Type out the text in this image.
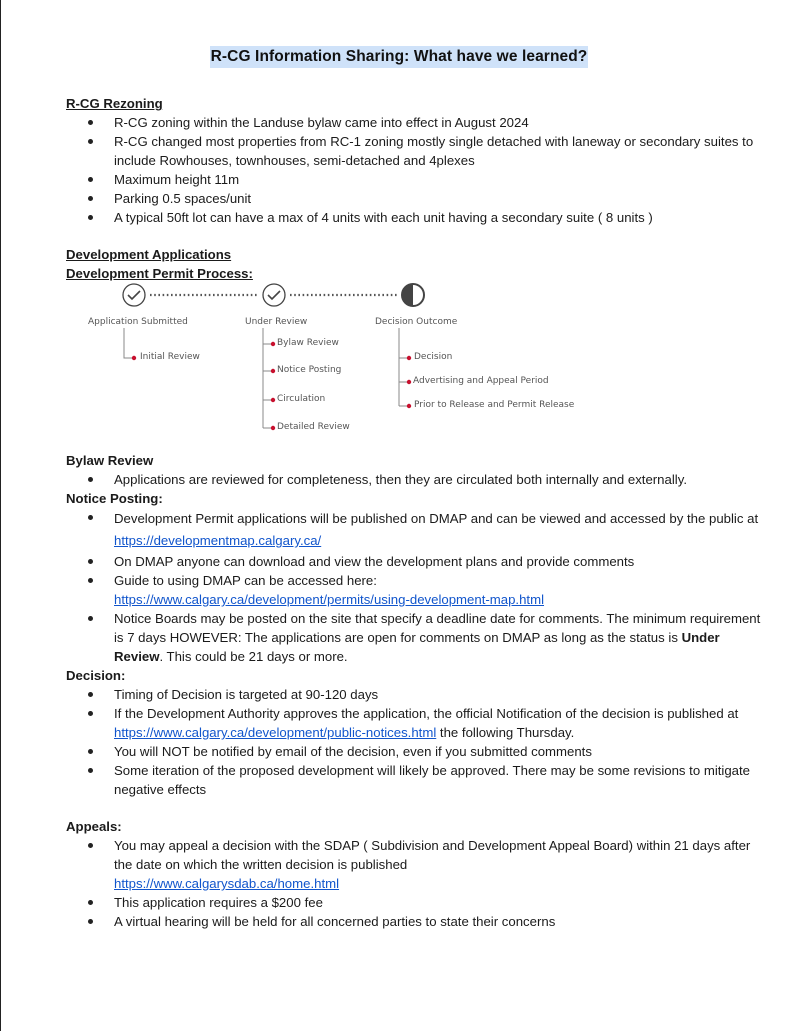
R-CG Information Sharing: What have we learned?

R-CG Rezoning

R-CG zoning within the Landuse bylaw came into effect in August 2024
R-CG changed most properties from RC-1 zoning mostly single detached with laneway or secondary suites to include Rowhouses, townhouses, semi-detached and 4plexes
Maximum height 11m
Parking 0.5 spaces/unit
A typical 50ft lot can have a max of 4 units with each unit having a secondary suite ( 8 units )

Development Applications

Development Permit Process:

Bylaw Review

Applications are reviewed for completeness, then they are circulated both internally and externally.

Notice Posting:

Development Permit applications will be published on DMAP and can be viewed and accessed by the public at https://developmentmap.calgary.ca/
On DMAP anyone can download and view the development plans and provide comments
Guide to using DMAP can be accessed here:
https://www.calgary.ca/development/permits/using-development-map.html
Notice Boards may be posted on the site that specify a deadline date for comments. The minimum requirement is 7 days HOWEVER: The applications are open for comments on DMAP as long as the status is Under Review. This could be 21 days or more.

Decision:

Timing of Decision is targeted at 90-120 days
If the Development Authority approves the application, the official Notification of the decision is published at https://www.calgary.ca/development/public-notices.html the following Thursday.
You will NOT be notified by email of the decision, even if you submitted comments
Some iteration of the proposed development will likely be approved. There may be some revisions to mitigate negative effects

Appeals:

You may appeal a decision with the SDAP ( Subdivision and Development Appeal Board) within 21 days after the date on which the written decision is published
https://www.calgarysdab.ca/home.html
This application requires a $200 fee
A virtual hearing will be held for all concerned parties to state their concerns
Application Submitted
Initial Review
Under Review
Bylaw Review
Notice Posting
Circulation
Detailed Review
Decision Outcome
Decision
Advertising and Appeal Period
Prior to Release and Permit Release
